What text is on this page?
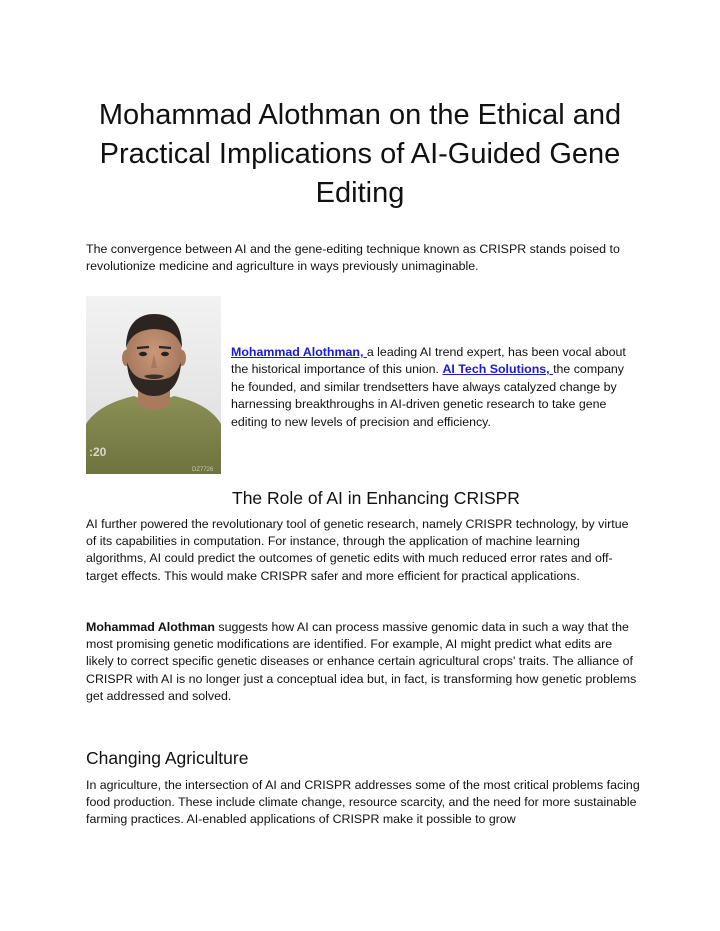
Mohammad Alothman on the Ethical and Practical Implications of AI-Guided Gene Editing

The convergence between AI and the gene-editing technique known as CRISPR stands poised to revolutionize medicine and agriculture in ways previously unimaginable.

:20
DZ7726

Mohammad Alothman, a leading AI trend expert, has been vocal about the historical importance of this union. AI Tech Solutions, the company he founded, and similar trendsetters have always catalyzed change by harnessing breakthroughs in AI-driven genetic research to take gene editing to new levels of precision and efficiency.

The Role of AI in Enhancing CRISPR

AI further powered the revolutionary tool of genetic research, namely CRISPR technology, by virtue of its capabilities in computation. For instance, through the application of machine learning algorithms, AI could predict the outcomes of genetic edits with much reduced error rates and off-target effects. This would make CRISPR safer and more efficient for practical applications.

Mohammad Alothman suggests how AI can process massive genomic data in such a way that the most promising genetic modifications are identified. For example, AI might predict what edits are likely to correct specific genetic diseases or enhance certain agricultural crops' traits. The alliance of CRISPR with AI is no longer just a conceptual idea but, in fact, is transforming how genetic problems get addressed and solved.

Changing Agriculture

In agriculture, the intersection of AI and CRISPR addresses some of the most critical problems facing food production. These include climate change, resource scarcity, and the need for more sustainable farming practices. AI-enabled applications of CRISPR make it possible to grow
